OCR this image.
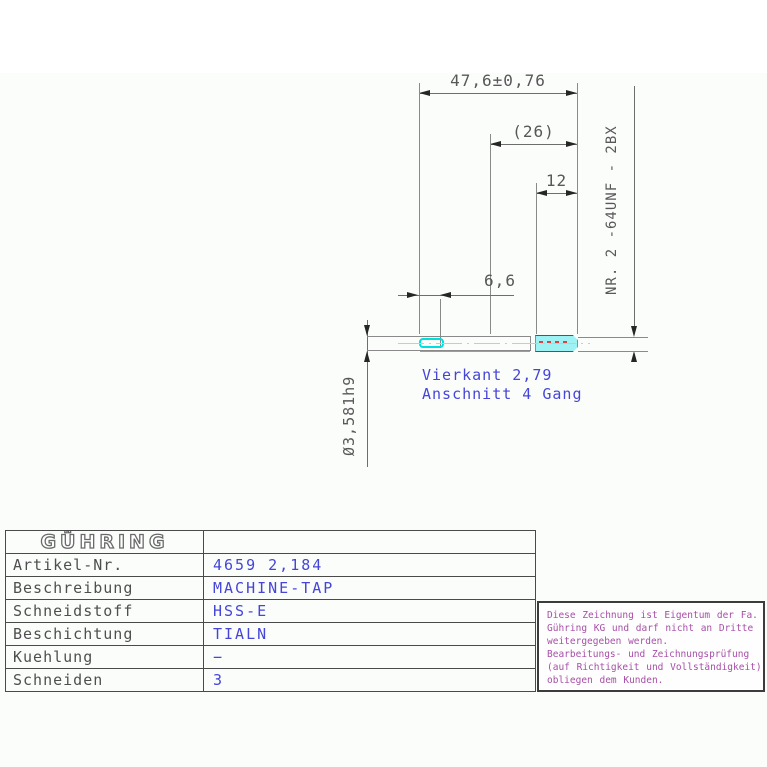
47,6±0,76
(26)
12
6,6
Ø3,581h9
NR. 2 -64UNF - 2BX
Vierkant 2,79
Anschnitt 4 Gang
GÜHRING	
Artikel-Nr.	4659 2,184
Beschreibung	MACHINE-TAP
Schneidstoff	HSS-E
Beschichtung	TIALN
Kuehlung	−
Schneiden	3
Diese Zeichnung ist Eigentum der Fa.
Gühring KG und darf nicht an Dritte
weitergegeben werden.
Bearbeitungs- und Zeichnungsprüfung
(auf Richtigkeit und Vollständigkeit)
obliegen dem Kunden.
